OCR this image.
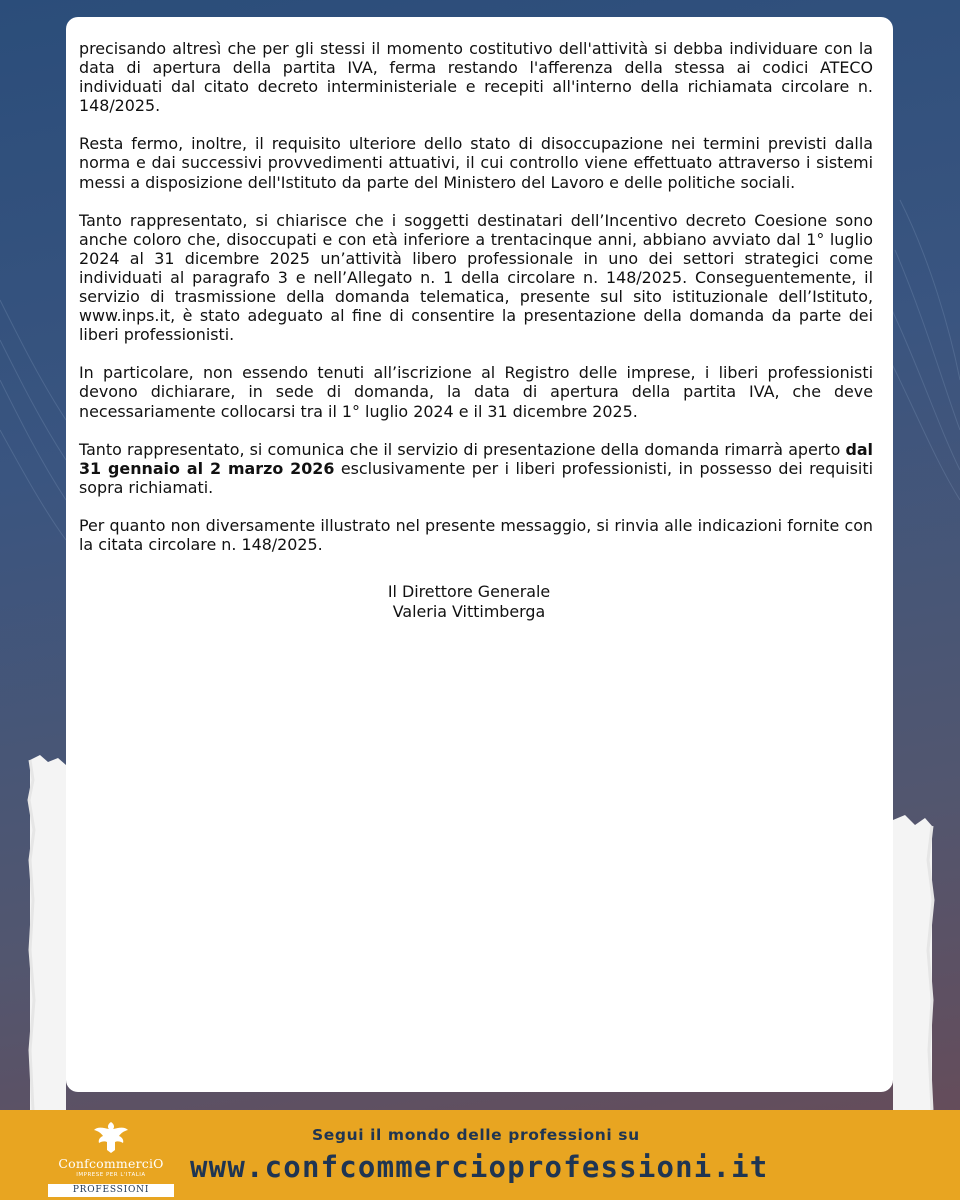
precisando altresì che per gli stessi il momento costitutivo dell'attività si debba individuare con la data di apertura della partita IVA, ferma restando l'afferenza della stessa ai codici ATECO individuati dal citato decreto interministeriale e recepiti all'interno della richiamata circolare n. 148/2025.

Resta fermo, inoltre, il requisito ulteriore dello stato di disoccupazione nei termini previsti dalla norma e dai successivi provvedimenti attuativi, il cui controllo viene effettuato attraverso i sistemi messi a disposizione dell'Istituto da parte del Ministero del Lavoro e delle politiche sociali.

Tanto rappresentato, si chiarisce che i soggetti destinatari dell’Incentivo decreto Coesione sono anche coloro che, disoccupati e con età inferiore a trentacinque anni, abbiano avviato dal 1° luglio 2024 al 31 dicembre 2025 un’attività libero professionale in uno dei settori strategici come individuati al paragrafo 3 e nell’Allegato n. 1 della circolare n. 148/2025. Conseguentemente, il servizio di trasmissione della domanda telematica, presente sul sito istituzionale dell’Istituto, www.inps.it, è stato adeguato al fine di consentire la presentazione della domanda da parte dei liberi professionisti.

In particolare, non essendo tenuti all’iscrizione al Registro delle imprese, i liberi professionisti devono dichiarare, in sede di domanda, la data di apertura della partita IVA, che deve necessariamente collocarsi tra il 1° luglio 2024 e il 31 dicembre 2025.

Tanto rappresentato, si comunica che il servizio di presentazione della domanda rimarrà aperto dal 31 gennaio al 2 marzo 2026 esclusivamente per i liberi professionisti, in possesso dei requisiti sopra richiamati.

Per quanto non diversamente illustrato nel presente messaggio, si rinvia alle indicazioni fornite con la citata circolare n. 148/2025.

Il Direttore Generale
Valeria Vittimberga
ConfcommerciO
IMPRESE PER L'ITALIA
PROFESSIONI
Segui il mondo delle professioni su
www.confcommercioprofessioni.it
